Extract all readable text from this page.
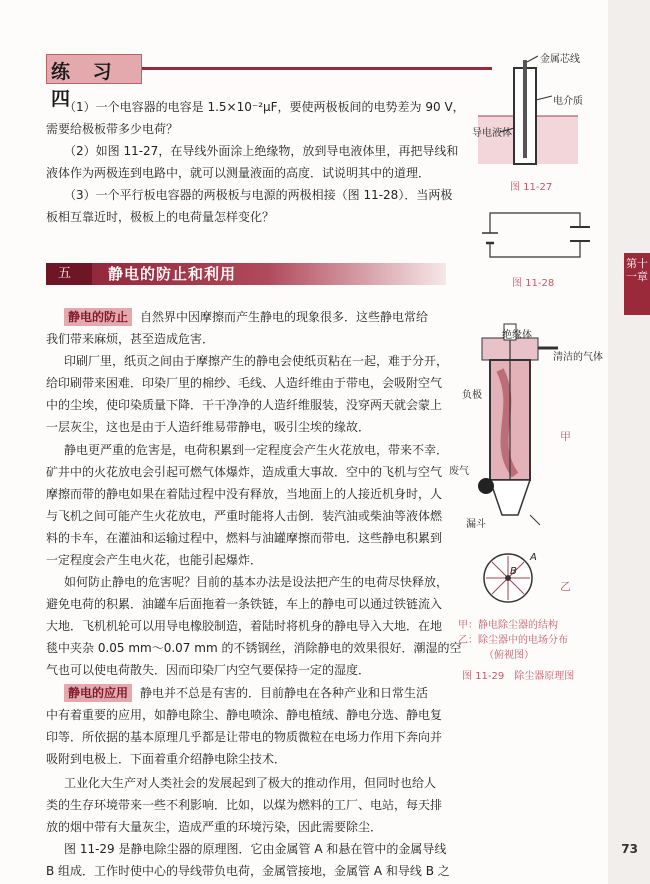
第十一章
73
练 习 四
（1）一个电容器的电容是 1.5×10⁻²μF，要使两极板间的电势差为 90 V，
需要给极板带多少电荷？
（2）如图 11-27，在导线外面涂上绝缘物，放到导电液体里，再把导线和
液体作为两极连到电路中，就可以测量液面的高度．试说明其中的道理．
（3）一个平行板电容器的两极板与电源的两极相接（图 11-28）．当两极
板相互靠近时，极板上的电荷量怎样变化？
金属芯线
电介质
导电液体
图 11-27
图 11-28
五 静电的防止和利用
静电的防止 自然界中因摩擦而产生静电的现象很多．这些静电常给
我们带来麻烦，甚至造成危害．
印刷厂里，纸页之间由于摩擦产生的静电会使纸页粘在一起，难于分开，
给印刷带来困难．印染厂里的棉纱、毛线、人造纤维由于带电，会吸附空气
中的尘埃，使印染质量下降．干干净净的人造纤维服装，没穿两天就会蒙上
一层灰尘，这也是由于人造纤维易带静电，吸引尘埃的缘故．
静电更严重的危害是，电荷积累到一定程度会产生火花放电，带来不幸．
矿井中的火花放电会引起可燃气体爆炸，造成重大事故．空中的飞机与空气
摩擦而带的静电如果在着陆过程中没有释放，当地面上的人接近机身时，人
与飞机之间可能产生火花放电，严重时能将人击倒．装汽油或柴油等液体燃
料的卡车，在灌油和运输过程中，燃料与油罐摩擦而带电．这些静电积累到
一定程度会产生电火花，也能引起爆炸．
如何防止静电的危害呢？目前的基本办法是设法把产生的电荷尽快释放，
避免电荷的积累．油罐车后面拖着一条铁链，车上的静电可以通过铁链流入
大地．飞机机轮可以用导电橡胶制造，着陆时将机身的静电导入大地．在地
毯中夹杂 0.05 mm～0.07 mm 的不锈钢丝，消除静电的效果很好．潮湿的空
气也可以使电荷散失．因而印染厂内空气要保持一定的湿度．
静电的应用 静电并不总是有害的．目前静电在各种产业和日常生活
中有着重要的应用，如静电除尘、静电喷涂、静电植绒、静电分选、静电复
印等．所依据的基本原理几乎都是让带电的物质微粒在电场力作用下奔向并
吸附到电极上．下面着重介绍静电除尘技术．
工业化大生产对人类社会的发展起到了极大的推动作用，但同时也给人
类的生存环境带来一些不利影响．比如，以煤为燃料的工厂、电站，每天排
放的烟中带有大量灰尘，造成严重的环境污染，因此需要除尘．
图 11-29 是静电除尘器的原理图．它由金属管 A 和悬在管中的金属导线
B 组成．工作时使中心的导线带负电荷，金属管接地，金属管 A 和导线 B 之
绝缘体
清洁的气体
负极
甲
废气
漏斗
A
B
乙
甲：静电除尘器的结构
乙：除尘器中的电场分布
（俯视图）
图 11-29　除尘器原理图
